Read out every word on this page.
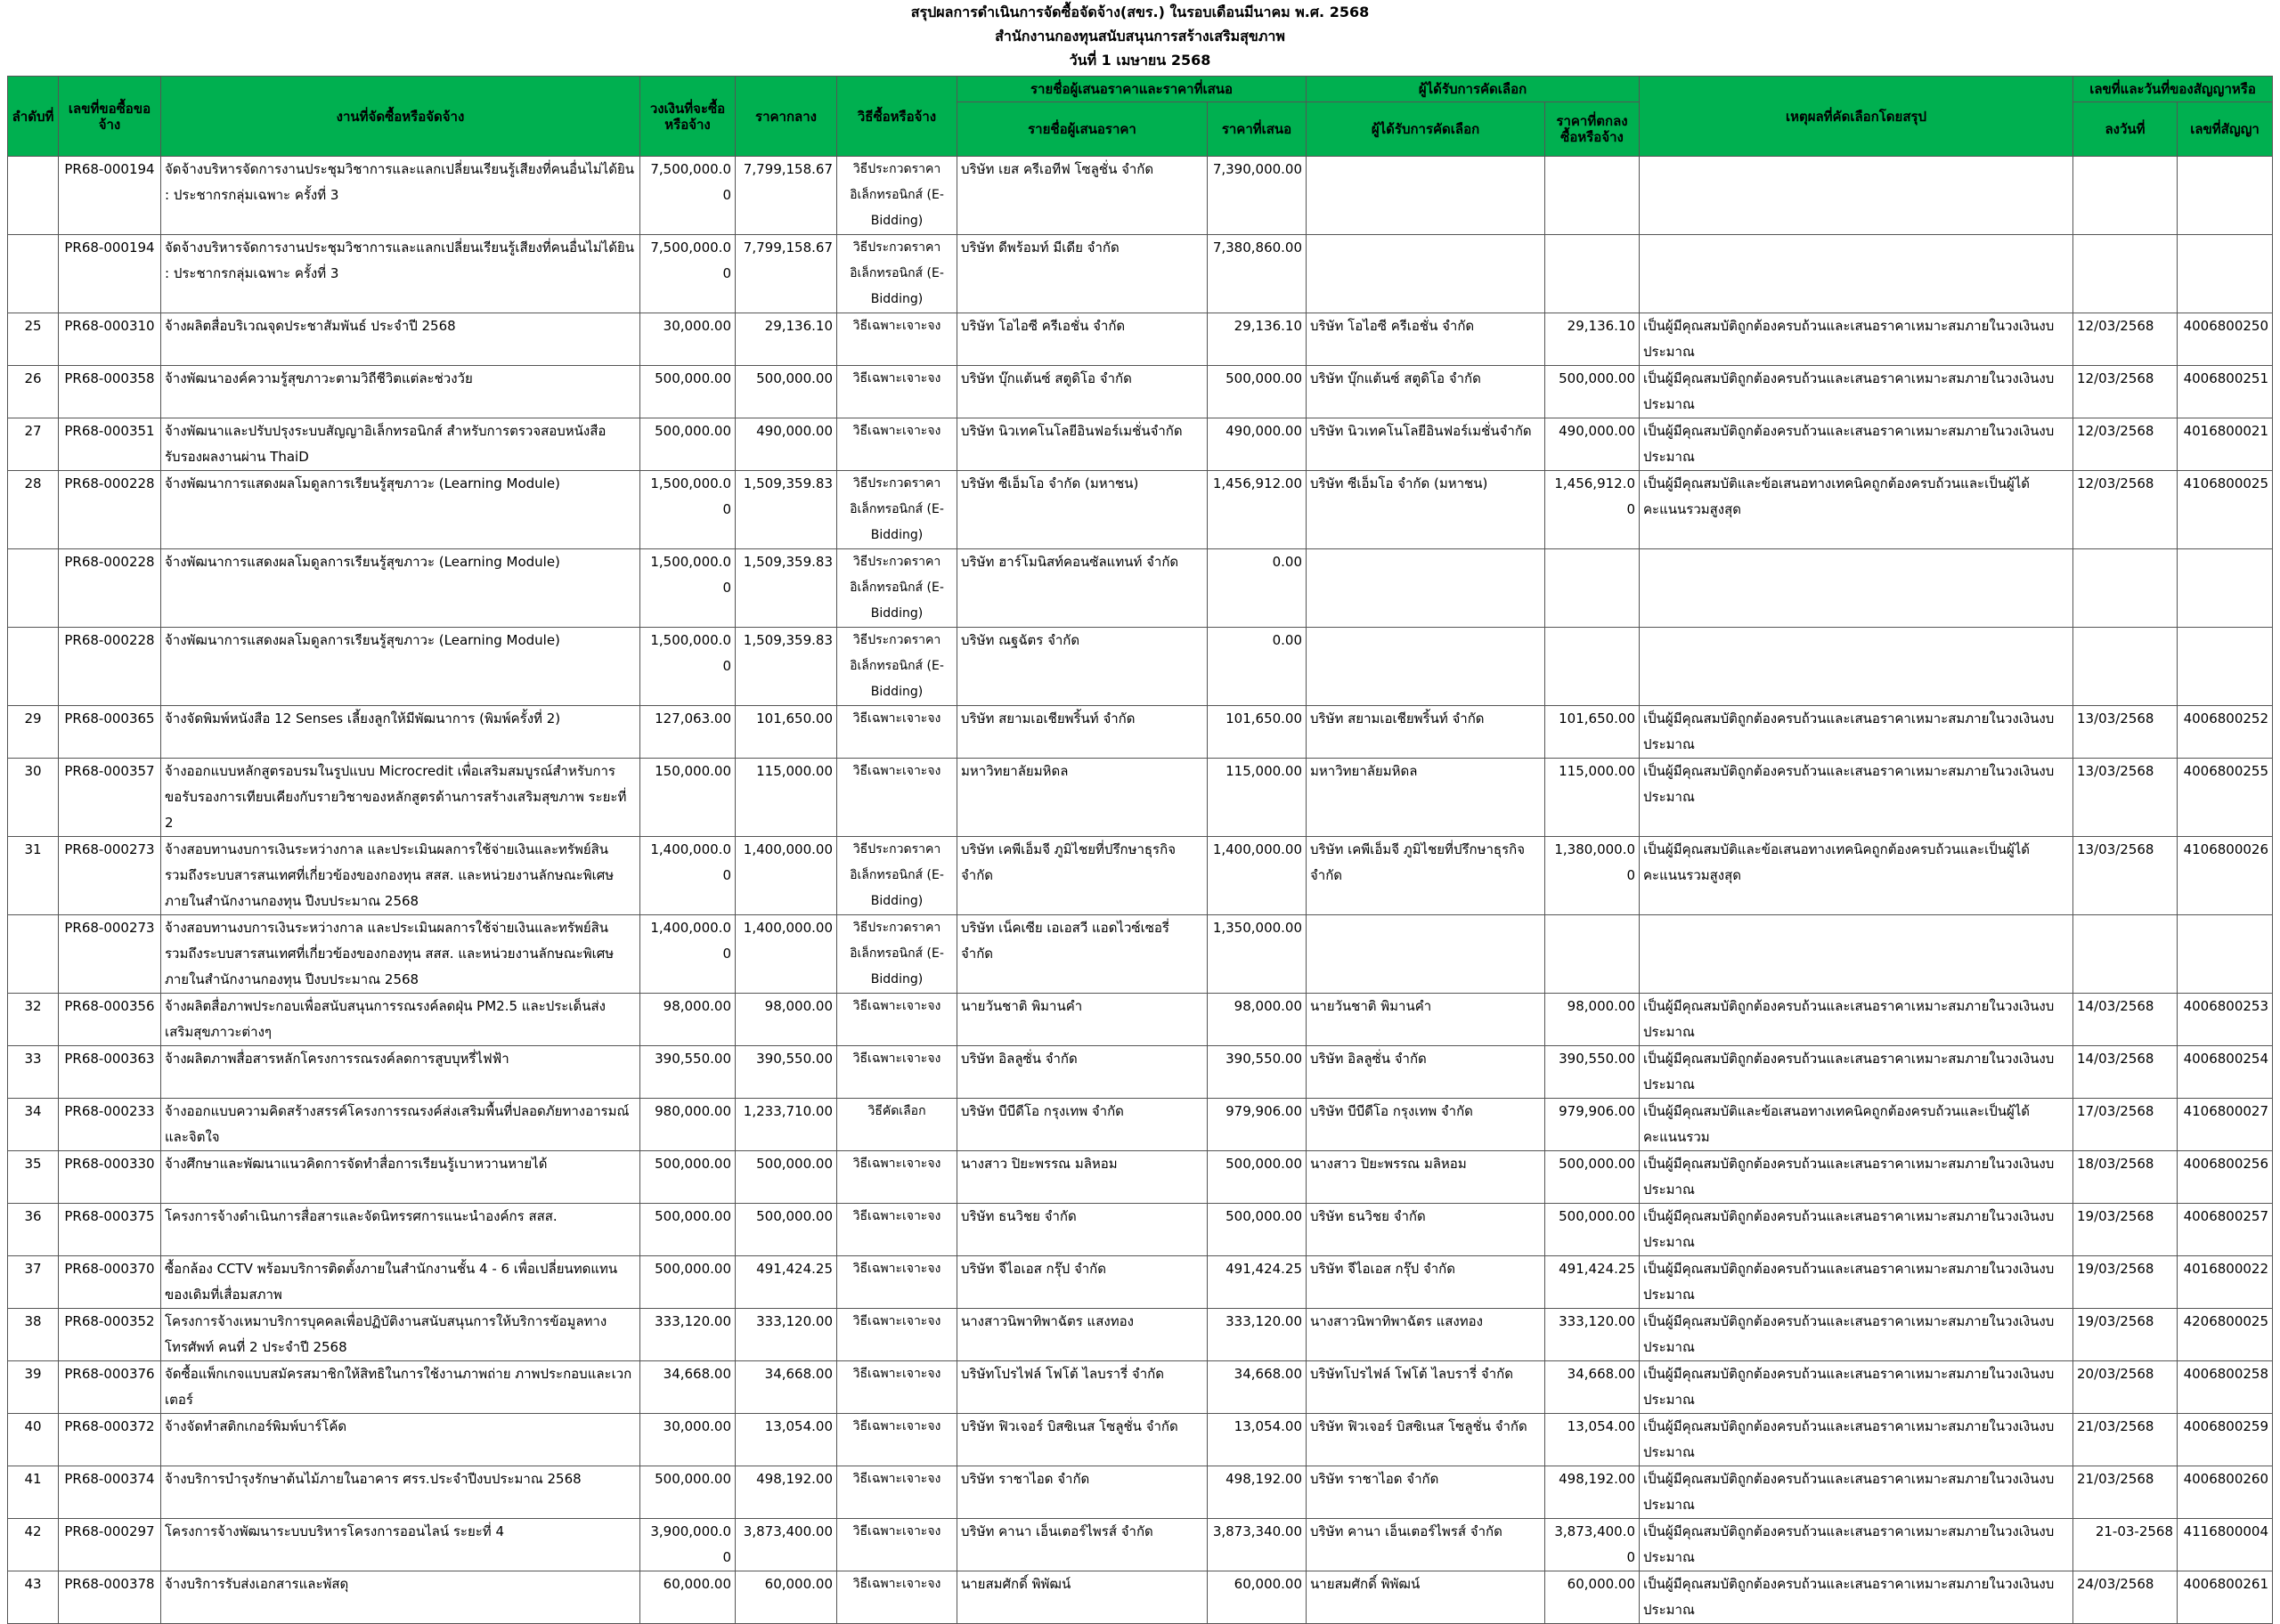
สรุปผลการดำเนินการจัดซื้อจัดจ้าง(สขร.) ในรอบเดือนมีนาคม พ.ศ. 2568
สำนักงานกองทุนสนับสนุนการสร้างเสริมสุขภาพ
วันที่ 1 เมษายน 2568
ลำดับที่	เลขที่ขอซื้อขอจ้าง	งานที่จัดซื้อหรือจัดจ้าง	วงเงินที่จะซื้อหรือจ้าง	ราคากลาง	วิธีซื้อหรือจ้าง	รายชื่อผู้เสนอราคาและราคาที่เสนอ		ผู้ได้รับการคัดเลือก		เหตุผลที่คัดเลือกโดยสรุป	เลขที่และวันที่ของสัญญาหรือ	
						รายชื่อผู้เสนอราคา	ราคาที่เสนอ	ผู้ได้รับการคัดเลือก	ราคาที่ตกลงซื้อหรือจ้าง		ลงวันที่	เลขที่สัญญา

	PR68-000194	จัดจ้างบริหารจัดการงานประชุมวิชาการและแลกเปลี่ยนเรียนรู้เสียงที่คนอื่นไม่ได้ยิน : ประชากรกลุ่มเฉพาะ ครั้งที่ 3	7,500,000.00	7,799,158.67	วิธีประกวดราคาอิเล็กทรอนิกส์ (E-Bidding)	บริษัท เยส ครีเอทีฟ โซลูชั่น จำกัด	7,390,000.00					

	PR68-000194	จัดจ้างบริหารจัดการงานประชุมวิชาการและแลกเปลี่ยนเรียนรู้เสียงที่คนอื่นไม่ได้ยิน : ประชากรกลุ่มเฉพาะ ครั้งที่ 3	7,500,000.00	7,799,158.67	วิธีประกวดราคาอิเล็กทรอนิกส์ (E-Bidding)	บริษัท ดีพร้อมท์ มีเดีย จำกัด	7,380,860.00					

25	PR68-000310	จ้างผลิตสื่อบริเวณจุดประชาสัมพันธ์ ประจำปี 2568	30,000.00	29,136.10	วิธีเฉพาะเจาะจง	บริษัท โอไอซี ครีเอชั่น จำกัด	29,136.10	บริษัท โอไอซี ครีเอชั่น จำกัด	29,136.10	เป็นผู้มีคุณสมบัติถูกต้องครบถ้วนและเสนอราคาเหมาะสมภายในวงเงินงบประมาณ	12/03/2568	4006800250

26	PR68-000358	จ้างพัฒนาองค์ความรู้สุขภาวะตามวิถีชีวิตแต่ละช่วงวัย	500,000.00	500,000.00	วิธีเฉพาะเจาะจง	บริษัท บุ๊กแต้นซ์ สตูดิโอ จำกัด	500,000.00	บริษัท บุ๊กแต้นซ์ สตูดิโอ จำกัด	500,000.00	เป็นผู้มีคุณสมบัติถูกต้องครบถ้วนและเสนอราคาเหมาะสมภายในวงเงินงบประมาณ	12/03/2568	4006800251

27	PR68-000351	จ้างพัฒนาและปรับปรุงระบบสัญญาอิเล็กทรอนิกส์ สำหรับการตรวจสอบหนังสือรับรองผลงานผ่าน ThaiD	500,000.00	490,000.00	วิธีเฉพาะเจาะจง	บริษัท นิวเทคโนโลยีอินฟอร์เมชั่นจำกัด	490,000.00	บริษัท นิวเทคโนโลยีอินฟอร์เมชั่นจำกัด	490,000.00	เป็นผู้มีคุณสมบัติถูกต้องครบถ้วนและเสนอราคาเหมาะสมภายในวงเงินงบประมาณ	12/03/2568	4016800021

28	PR68-000228	จ้างพัฒนาการแสดงผลโมดูลการเรียนรู้สุขภาวะ (Learning Module)	1,500,000.00	1,509,359.83	วิธีประกวดราคาอิเล็กทรอนิกส์ (E-Bidding)	บริษัท ซีเอ็มโอ จำกัด (มหาชน)	1,456,912.00	บริษัท ซีเอ็มโอ จำกัด (มหาชน)	1,456,912.00	เป็นผู้มีคุณสมบัติและข้อเสนอทางเทคนิคถูกต้องครบถ้วนและเป็นผู้ได้คะแนนรวมสูงสุด	12/03/2568	4106800025

	PR68-000228	จ้างพัฒนาการแสดงผลโมดูลการเรียนรู้สุขภาวะ (Learning Module)	1,500,000.00	1,509,359.83	วิธีประกวดราคาอิเล็กทรอนิกส์ (E-Bidding)	บริษัท ฮาร์โมนิสท์คอนซัลแทนท์ จำกัด	0.00					

	PR68-000228	จ้างพัฒนาการแสดงผลโมดูลการเรียนรู้สุขภาวะ (Learning Module)	1,500,000.00	1,509,359.83	วิธีประกวดราคาอิเล็กทรอนิกส์ (E-Bidding)	บริษัท ณฐฉัตร จำกัด	0.00					

29	PR68-000365	จ้างจัดพิมพ์หนังสือ 12 Senses เลี้ยงลูกให้มีพัฒนาการ (พิมพ์ครั้งที่ 2)	127,063.00	101,650.00	วิธีเฉพาะเจาะจง	บริษัท สยามเอเชียพริ้นท์ จำกัด	101,650.00	บริษัท สยามเอเชียพริ้นท์ จำกัด	101,650.00	เป็นผู้มีคุณสมบัติถูกต้องครบถ้วนและเสนอราคาเหมาะสมภายในวงเงินงบประมาณ	13/03/2568	4006800252

30	PR68-000357	จ้างออกแบบหลักสูตรอบรมในรูปแบบ Microcredit เพื่อเสริมสมบูรณ์สำหรับการขอรับรองการเทียบเคียงกับรายวิชาของหลักสูตรด้านการสร้างเสริมสุขภาพ ระยะที่ 2	150,000.00	115,000.00	วิธีเฉพาะเจาะจง	มหาวิทยาลัยมหิดล	115,000.00	มหาวิทยาลัยมหิดล	115,000.00	เป็นผู้มีคุณสมบัติถูกต้องครบถ้วนและเสนอราคาเหมาะสมภายในวงเงินงบประมาณ	13/03/2568	4006800255

31	PR68-000273	จ้างสอบทานงบการเงินระหว่างกาล และประเมินผลการใช้จ่ายเงินและทรัพย์สิน รวมถึงระบบสารสนเทศที่เกี่ยวข้องของกองทุน สสส. และหน่วยงานลักษณะพิเศษภายในสำนักงานกองทุน ปีงบประมาณ 2568	1,400,000.00	1,400,000.00	วิธีประกวดราคาอิเล็กทรอนิกส์ (E-Bidding)	บริษัท เคพีเอ็มจี ภูมิไชยที่ปรึกษาธุรกิจ จำกัด	1,400,000.00	บริษัท เคพีเอ็มจี ภูมิไชยที่ปรึกษาธุรกิจ จำกัด	1,380,000.00	เป็นผู้มีคุณสมบัติและข้อเสนอทางเทคนิคถูกต้องครบถ้วนและเป็นผู้ได้คะแนนรวมสูงสุด	13/03/2568	4106800026

	PR68-000273	จ้างสอบทานงบการเงินระหว่างกาล และประเมินผลการใช้จ่ายเงินและทรัพย์สิน รวมถึงระบบสารสนเทศที่เกี่ยวข้องของกองทุน สสส. และหน่วยงานลักษณะพิเศษภายในสำนักงานกองทุน ปีงบประมาณ 2568	1,400,000.00	1,400,000.00	วิธีประกวดราคาอิเล็กทรอนิกส์ (E-Bidding)	บริษัท เน็คเซีย เอเอสวี แอดไวซ์เซอรี่ จำกัด	1,350,000.00					

32	PR68-000356	จ้างผลิตสื่อภาพประกอบเพื่อสนับสนุนการรณรงค์ลดฝุ่น PM2.5 และประเด็นส่งเสริมสุขภาวะต่างๆ	98,000.00	98,000.00	วิธีเฉพาะเจาะจง	นายวันชาติ พิมานคำ	98,000.00	นายวันชาติ พิมานคำ	98,000.00	เป็นผู้มีคุณสมบัติถูกต้องครบถ้วนและเสนอราคาเหมาะสมภายในวงเงินงบประมาณ	14/03/2568	4006800253

33	PR68-000363	จ้างผลิตภาพสื่อสารหลักโครงการรณรงค์ลดการสูบบุหรี่ไฟฟ้า	390,550.00	390,550.00	วิธีเฉพาะเจาะจง	บริษัท อิลลูซั่น จำกัด	390,550.00	บริษัท อิลลูซั่น จำกัด	390,550.00	เป็นผู้มีคุณสมบัติถูกต้องครบถ้วนและเสนอราคาเหมาะสมภายในวงเงินงบประมาณ	14/03/2568	4006800254

34	PR68-000233	จ้างออกแบบความคิดสร้างสรรค์โครงการรณรงค์ส่งเสริมพื้นที่ปลอดภัยทางอารมณ์และจิตใจ	980,000.00	1,233,710.00	วิธีคัดเลือก	บริษัท บีบีดีโอ กรุงเทพ จำกัด	979,906.00	บริษัท บีบีดีโอ กรุงเทพ จำกัด	979,906.00	เป็นผู้มีคุณสมบัติและข้อเสนอทางเทคนิคถูกต้องครบถ้วนและเป็นผู้ได้คะแนนรวม	17/03/2568	4106800027

35	PR68-000330	จ้างศึกษาและพัฒนาแนวคิดการจัดทำสื่อการเรียนรู้เบาหวานหายได้	500,000.00	500,000.00	วิธีเฉพาะเจาะจง	นางสาว ปิยะพรรณ มลิหอม	500,000.00	นางสาว ปิยะพรรณ มลิหอม	500,000.00	เป็นผู้มีคุณสมบัติถูกต้องครบถ้วนและเสนอราคาเหมาะสมภายในวงเงินงบประมาณ	18/03/2568	4006800256

36	PR68-000375	โครงการจ้างดำเนินการสื่อสารและจัดนิทรรศการแนะนำองค์กร สสส.	500,000.00	500,000.00	วิธีเฉพาะเจาะจง	บริษัท ธนวิชย จำกัด	500,000.00	บริษัท ธนวิชย จำกัด	500,000.00	เป็นผู้มีคุณสมบัติถูกต้องครบถ้วนและเสนอราคาเหมาะสมภายในวงเงินงบประมาณ	19/03/2568	4006800257

37	PR68-000370	ซื้อกล้อง CCTV พร้อมบริการติดตั้งภายในสำนักงานชั้น 4 - 6 เพื่อเปลี่ยนทดแทนของเดิมที่เสื่อมสภาพ	500,000.00	491,424.25	วิธีเฉพาะเจาะจง	บริษัท จีไอเอส กรุ๊ป จำกัด	491,424.25	บริษัท จีไอเอส กรุ๊ป จำกัด	491,424.25	เป็นผู้มีคุณสมบัติถูกต้องครบถ้วนและเสนอราคาเหมาะสมภายในวงเงินงบประมาณ	19/03/2568	4016800022

38	PR68-000352	โครงการจ้างเหมาบริการบุคคลเพื่อปฏิบัติงานสนับสนุนการให้บริการข้อมูลทางโทรศัพท์ คนที่ 2 ประจำปี 2568	333,120.00	333,120.00	วิธีเฉพาะเจาะจง	นางสาวนิพาทิพาฉัตร แสงทอง	333,120.00	นางสาวนิพาทิพาฉัตร แสงทอง	333,120.00	เป็นผู้มีคุณสมบัติถูกต้องครบถ้วนและเสนอราคาเหมาะสมภายในวงเงินงบประมาณ	19/03/2568	4206800025

39	PR68-000376	จัดซื้อแพ็กเกจแบบสมัครสมาชิกให้สิทธิในการใช้งานภาพถ่าย ภาพประกอบและเวกเตอร์	34,668.00	34,668.00	วิธีเฉพาะเจาะจง	บริษัทโปรไฟล์ โฟโต้ ไลบรารี่ จำกัด	34,668.00	บริษัทโปรไฟล์ โฟโต้ ไลบรารี่ จำกัด	34,668.00	เป็นผู้มีคุณสมบัติถูกต้องครบถ้วนและเสนอราคาเหมาะสมภายในวงเงินงบประมาณ	20/03/2568	4006800258

40	PR68-000372	จ้างจัดทำสติกเกอร์พิมพ์บาร์โค้ด	30,000.00	13,054.00	วิธีเฉพาะเจาะจง	บริษัท ฟิวเจอร์ บิสซิเนส โซลูชั่น จำกัด	13,054.00	บริษัท ฟิวเจอร์ บิสซิเนส โซลูชั่น จำกัด	13,054.00	เป็นผู้มีคุณสมบัติถูกต้องครบถ้วนและเสนอราคาเหมาะสมภายในวงเงินงบประมาณ	21/03/2568	4006800259

41	PR68-000374	จ้างบริการบำรุงรักษาต้นไม้ภายในอาคาร ศรร.ประจำปีงบประมาณ 2568	500,000.00	498,192.00	วิธีเฉพาะเจาะจง	บริษัท ราชาไอด จำกัด	498,192.00	บริษัท ราชาไอด จำกัด	498,192.00	เป็นผู้มีคุณสมบัติถูกต้องครบถ้วนและเสนอราคาเหมาะสมภายในวงเงินงบประมาณ	21/03/2568	4006800260

42	PR68-000297	โครงการจ้างพัฒนาระบบบริหารโครงการออนไลน์ ระยะที่ 4	3,900,000.00	3,873,400.00	วิธีเฉพาะเจาะจง	บริษัท คานา เอ็นเตอร์ไพรส์ จำกัด	3,873,340.00	บริษัท คานา เอ็นเตอร์ไพรส์ จำกัด	3,873,400.00	เป็นผู้มีคุณสมบัติถูกต้องครบถ้วนและเสนอราคาเหมาะสมภายในวงเงินงบประมาณ	21-03-2568	4116800004

43	PR68-000378	จ้างบริการรับส่งเอกสารและพัสดุ	60,000.00	60,000.00	วิธีเฉพาะเจาะจง	นายสมศักดิ์ พิพัฒน์	60,000.00	นายสมศักดิ์ พิพัฒน์	60,000.00	เป็นผู้มีคุณสมบัติถูกต้องครบถ้วนและเสนอราคาเหมาะสมภายในวงเงินงบประมาณ	24/03/2568	4006800261
